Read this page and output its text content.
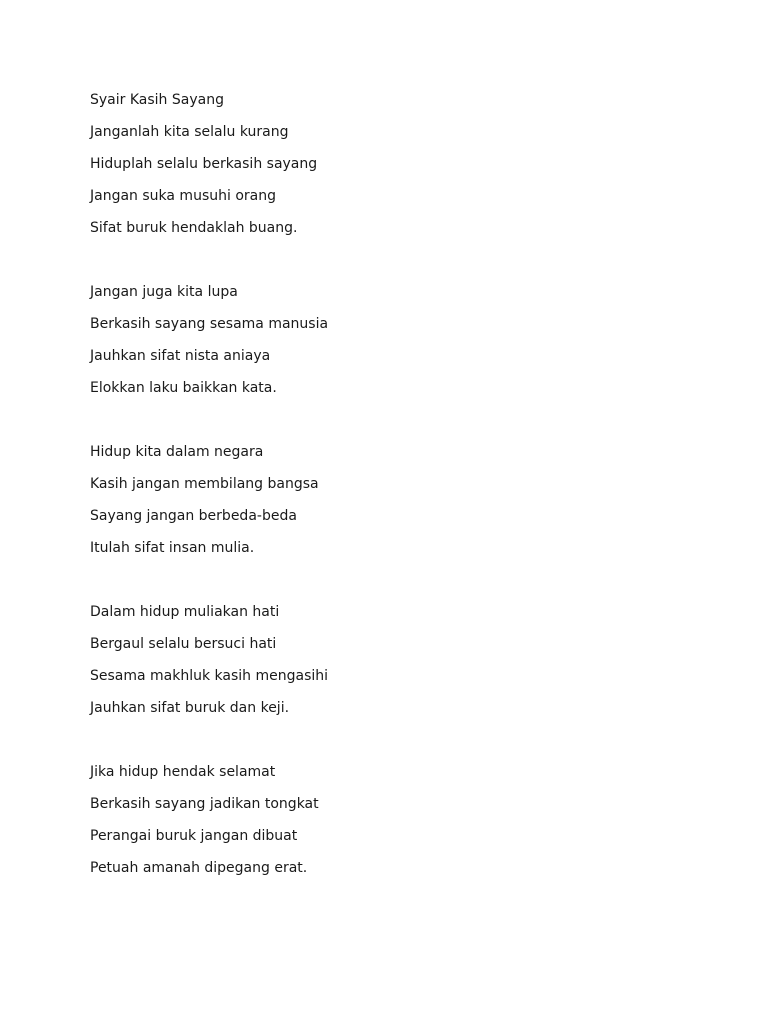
Syair Kasih Sayang
Janganlah kita selalu kurang
Hiduplah selalu berkasih sayang
Jangan suka musuhi orang
Sifat buruk hendaklah buang.
Jangan juga kita lupa
Berkasih sayang sesama manusia
Jauhkan sifat nista aniaya
Elokkan laku baikkan kata.
Hidup kita dalam negara
Kasih jangan membilang bangsa
Sayang jangan berbeda-beda
Itulah sifat insan mulia.
Dalam hidup muliakan hati
Bergaul selalu bersuci hati
Sesama makhluk kasih mengasihi
Jauhkan sifat buruk dan keji.
Jika hidup hendak selamat
Berkasih sayang jadikan tongkat
Perangai buruk jangan dibuat
Petuah amanah dipegang erat.
